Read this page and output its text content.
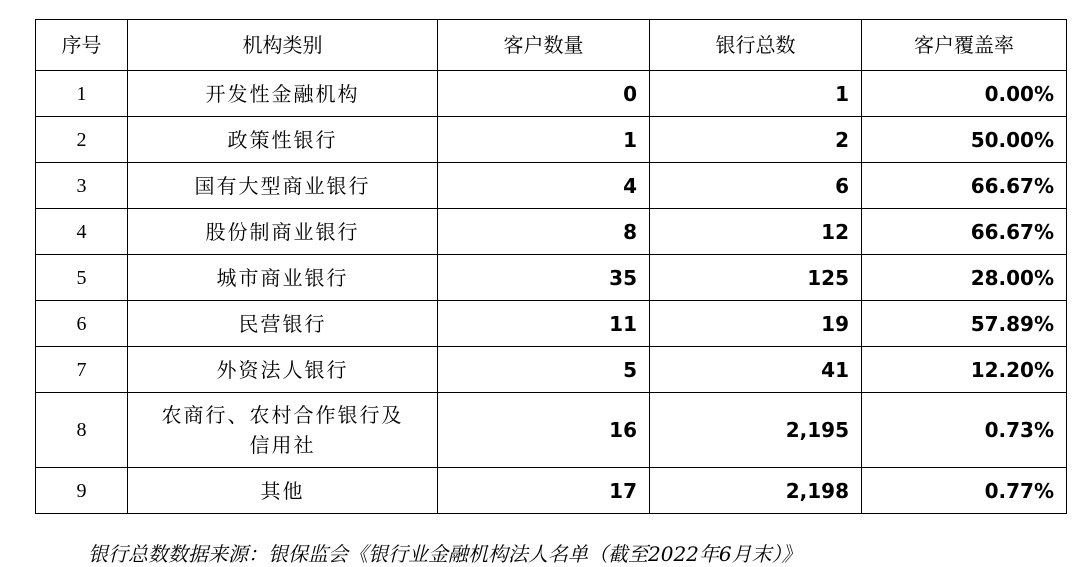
序号	机构类别	客户数量	银行总数	客户覆盖率
1	开发性金融机构	0	1	0.00%
2	政策性银行	1	2	50.00%
3	国有大型商业银行	4	6	66.67%
4	股份制商业银行	8	12	66.67%
5	城市商业银行	35	125	28.00%
6	民营银行	11	19	57.89%
7	外资法人银行	5	41	12.20%
8	农商行、农村合作银行及信用社	16	2,195	0.73%
9	其他	17	2,198	0.77%
银行总数数据来源：银保监会《银行业金融机构法人名单（截至2022年6月末）》
